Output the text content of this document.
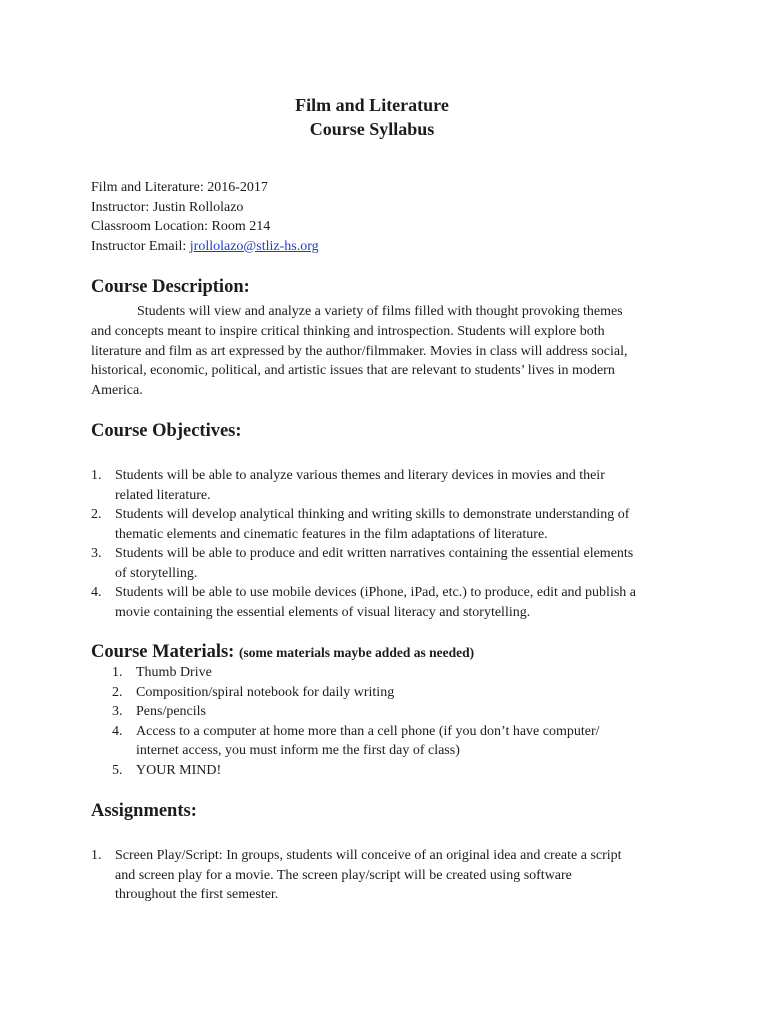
Film and Literature
Course Syllabus
Film and Literature: 2016-2017
Instructor: Justin Rollolazo
Classroom Location: Room 214
Instructor Email: jrollolazo@stliz-hs.org
Course Description:
Students will view and analyze a variety of films filled with thought provoking themes
and concepts meant to inspire critical thinking and introspection. Students will explore both
literature and film as art expressed by the author/filmmaker. Movies in class will address social,
historical, economic, political, and artistic issues that are relevant to students’ lives in modern
America.
Course Objectives:
1. Students will be able to analyze various themes and literary devices in movies and their
related literature.
2. Students will develop analytical thinking and writing skills to demonstrate understanding of
thematic elements and cinematic features in the film adaptations of literature.
3. Students will be able to produce and edit written narratives containing the essential elements
of storytelling.
4. Students will be able to use mobile devices (iPhone, iPad, etc.) to produce, edit and publish a
movie containing the essential elements of visual literacy and storytelling.
Course Materials: (some materials maybe added as needed)
1. Thumb Drive
2. Composition/spiral notebook for daily writing
3. Pens/pencils
4. Access to a computer at home more than a cell phone (if you don’t have computer/
internet access, you must inform me the first day of class)
5. YOUR MIND!
Assignments:
1. Screen Play/Script: In groups, students will conceive of an original idea and create a script
and screen play for a movie. The screen play/script will be created using software
throughout the first semester.
